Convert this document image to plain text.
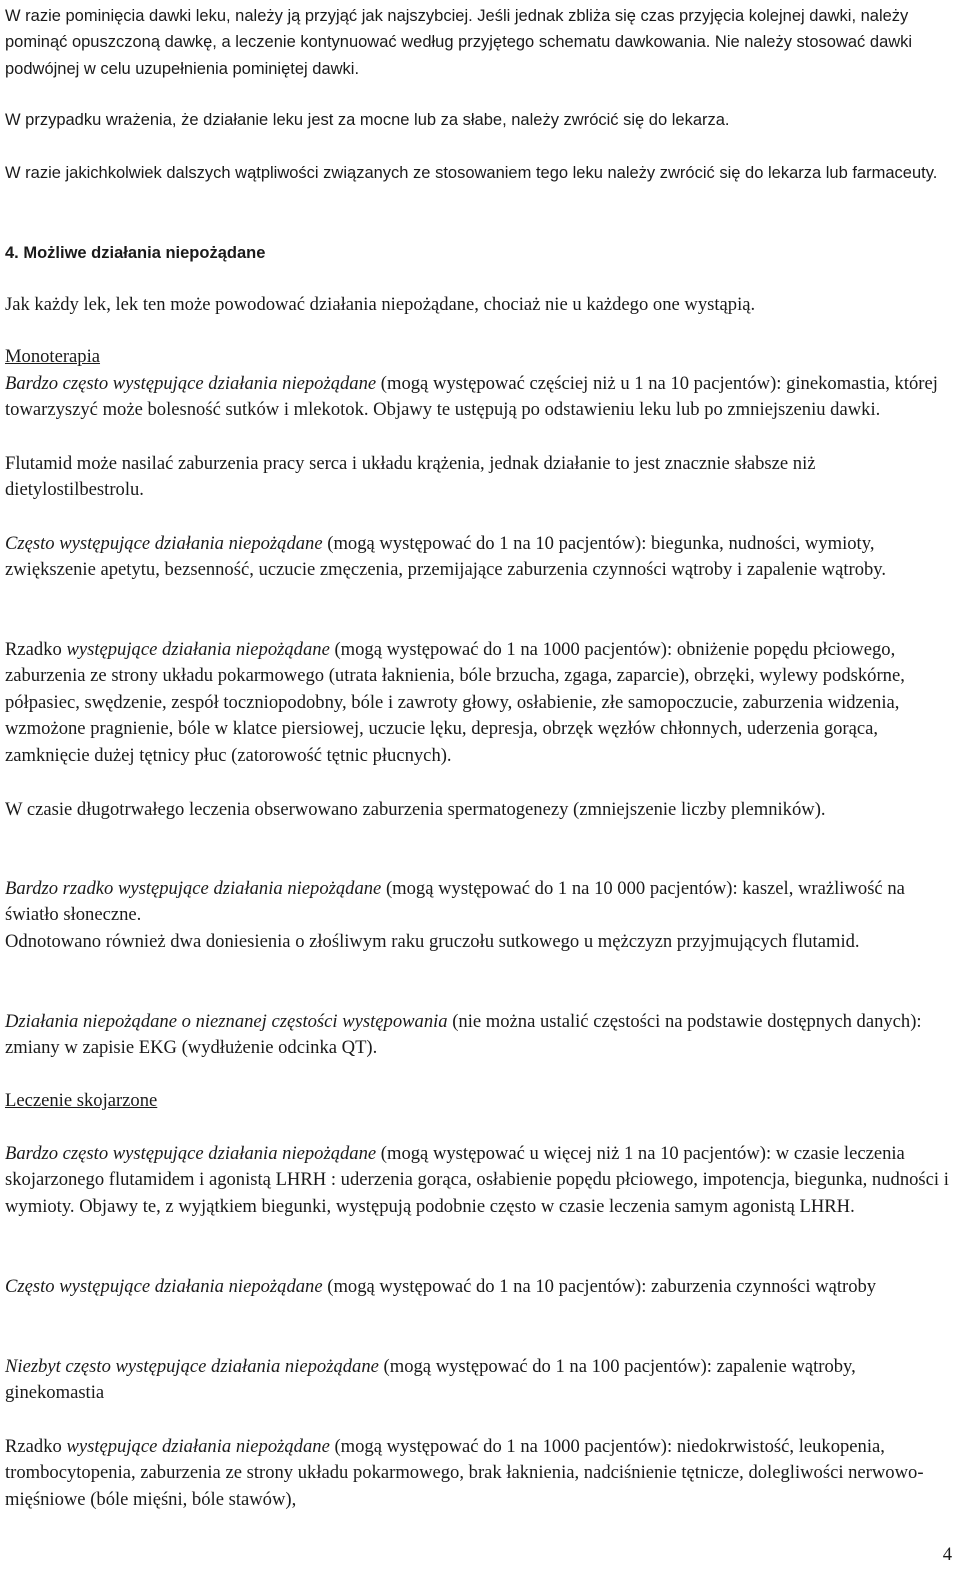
W razie pominięcia dawki leku, należy ją przyjąć jak najszybciej. Jeśli jednak zbliża się czas przyjęcia kolejnej dawki, należy pominąć opuszczoną dawkę, a leczenie kontynuować według przyjętego schematu dawkowania. Nie należy stosować dawki podwójnej w celu uzupełnienia pominiętej dawki.
W przypadku wrażenia, że działanie leku jest za mocne lub za słabe, należy zwrócić się do lekarza.
W razie jakichkolwiek dalszych wątpliwości związanych ze stosowaniem tego leku należy zwrócić się do lekarza lub farmaceuty.
4. Możliwe działania niepożądane
Jak każdy lek, lek ten może powodować działania niepożądane, chociaż nie u każdego one wystąpią.
Monoterapia
Bardzo często występujące działania niepożądane (mogą występować częściej niż u 1 na 10 pacjentów): ginekomastia, której towarzyszyć może bolesność sutków i mlekotok. Objawy te ustępują po odstawieniu leku lub po zmniejszeniu dawki.
Flutamid może nasilać zaburzenia pracy serca i układu krążenia, jednak działanie to jest znacznie słabsze niż dietylostilbestrolu.
Często występujące działania niepożądane (mogą występować do 1 na 10 pacjentów): biegunka, nudności, wymioty, zwiększenie apetytu, bezsenność, uczucie zmęczenia, przemijające zaburzenia czynności wątroby i zapalenie wątroby.
Rzadko występujące działania niepożądane (mogą występować do 1 na 1000 pacjentów): obniżenie popędu płciowego, zaburzenia ze strony układu pokarmowego (utrata łaknienia, bóle brzucha, zgaga, zaparcie), obrzęki, wylewy podskórne, półpasiec, swędzenie, zespół toczniopodobny, bóle i zawroty głowy, osłabienie, złe samopoczucie, zaburzenia widzenia, wzmożone pragnienie, bóle w klatce piersiowej, uczucie lęku, depresja, obrzęk węzłów chłonnych, uderzenia gorąca, zamknięcie dużej tętnicy płuc (zatorowość tętnic płucnych).
W czasie długotrwałego leczenia obserwowano zaburzenia spermatogenezy (zmniejszenie liczby plemników).
Bardzo rzadko występujące działania niepożądane (mogą występować do 1 na 10 000 pacjentów): kaszel, wrażliwość na światło słoneczne.
Odnotowano również dwa doniesienia o złośliwym raku gruczołu sutkowego u mężczyzn przyjmujących flutamid.
Działania niepożądane o nieznanej częstości występowania (nie można ustalić częstości na podstawie dostępnych danych): zmiany w zapisie EKG (wydłużenie odcinka QT).
Leczenie skojarzone
Bardzo często występujące działania niepożądane (mogą występować u więcej niż 1 na 10 pacjentów): w czasie leczenia skojarzonego flutamidem i agonistą LHRH : uderzenia gorąca, osłabienie popędu płciowego, impotencja, biegunka, nudności i wymioty. Objawy te, z wyjątkiem biegunki, występują podobnie często w czasie leczenia samym agonistą LHRH.
Często występujące działania niepożądane (mogą występować do 1 na 10 pacjentów): zaburzenia czynności wątroby
Niezbyt często występujące działania niepożądane (mogą występować do 1 na 100 pacjentów): zapalenie wątroby, ginekomastia
Rzadko występujące działania niepożądane (mogą występować do 1 na 1000 pacjentów): niedokrwistość, leukopenia, trombocytopenia, zaburzenia ze strony układu pokarmowego, brak łaknienia, nadciśnienie tętnicze, dolegliwości nerwowo-mięśniowe (bóle mięśni, bóle stawów),
4
